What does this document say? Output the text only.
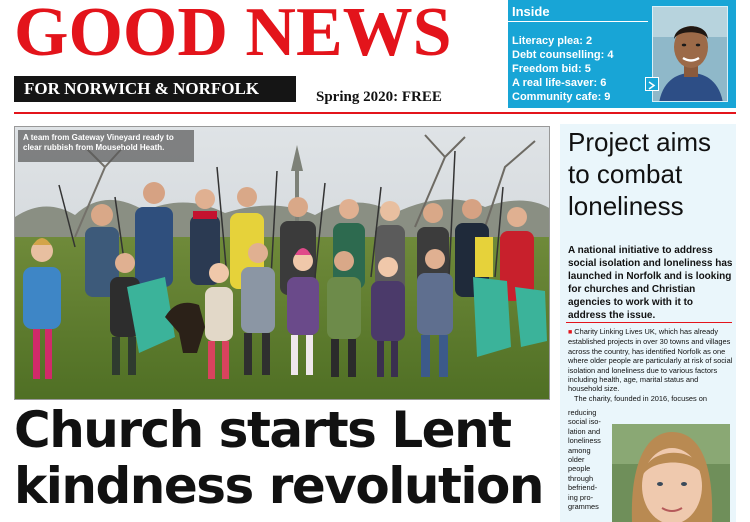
GOOD NEWS
FOR NORWICH & NORFOLK	Spring 2020: FREE
Inside
Literacy plea: 2
Debt counselling: 4
Freedom bid: 5
A real life-saver: 6
Community cafe: 9
A team from Gateway Vineyard ready to clear rubbish from Mousehold Heath.
Church starts Lent
kindness revolution
Project aims
to combat
loneliness
A national initiative to address social isolation and loneliness has launched in Norfolk and is looking for churches and Christian agencies to work with it to address the issue.

■ Charity Linking Lives UK, which has already established projects in over 30 towns and villages across the country, has identified Norfolk as one where older people are particularly at risk of social isolation and loneliness due to various factors including health, age, marital status and household size.

The charity, founded in 2016, focuses on

reducing
social iso-
lation and
loneliness
among
older
people
through
befriend-
ing pro-
grammes
